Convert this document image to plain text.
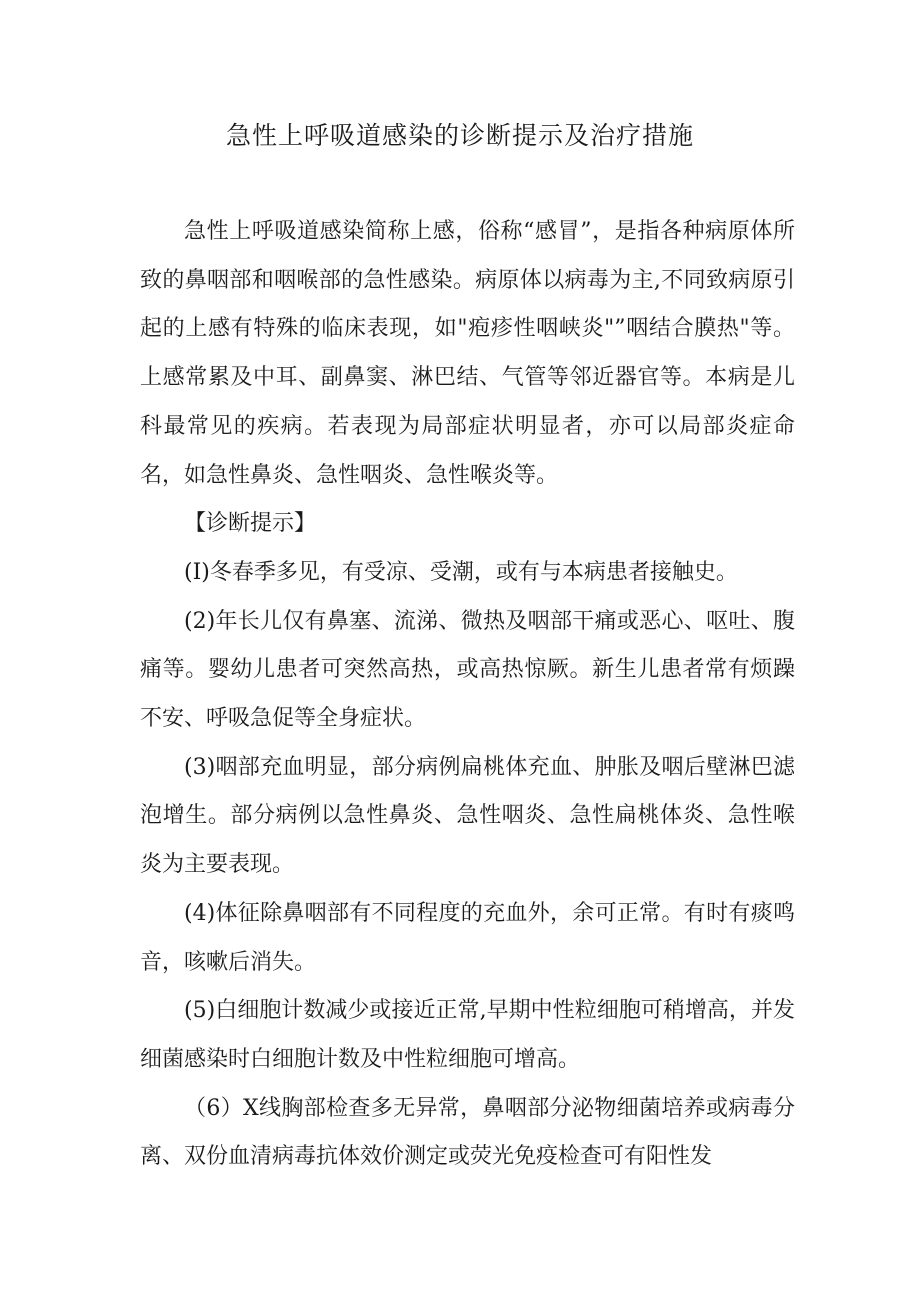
急性上呼吸道感染的诊断提示及治疗措施

急性上呼吸道感染简称上感，俗称“感冒”，是指各种病原体所致的鼻咽部和咽喉部的急性感染。病原体以病毒为主,不同致病原引起的上感有特殊的临床表现，如"疱疹性咽峡炎"”咽结合膜热"等。上感常累及中耳、副鼻窦、淋巴结、气管等邻近器官等。本病是儿科最常见的疾病。若表现为局部症状明显者，亦可以局部炎症命名，如急性鼻炎、急性咽炎、急性喉炎等。

【诊断提示】

(I)冬春季多见，有受凉、受潮，或有与本病患者接触史。

(2)年长儿仅有鼻塞、流涕、微热及咽部干痛或恶心、呕吐、腹痛等。婴幼儿患者可突然高热，或高热惊厥。新生儿患者常有烦躁不安、呼吸急促等全身症状。

(3)咽部充血明显，部分病例扁桃体充血、肿胀及咽后壁淋巴滤泡增生。部分病例以急性鼻炎、急性咽炎、急性扁桃体炎、急性喉炎为主要表现。

(4)体征除鼻咽部有不同程度的充血外，余可正常。有时有痰鸣音，咳嗽后消失。

(5)白细胞计数减少或接近正常,早期中性粒细胞可稍增高，并发细菌感染时白细胞计数及中性粒细胞可增高。

（6）X线胸部检查多无异常，鼻咽部分泌物细菌培养或病毒分离、双份血清病毒抗体效价测定或荧光免疫检查可有阳性发
